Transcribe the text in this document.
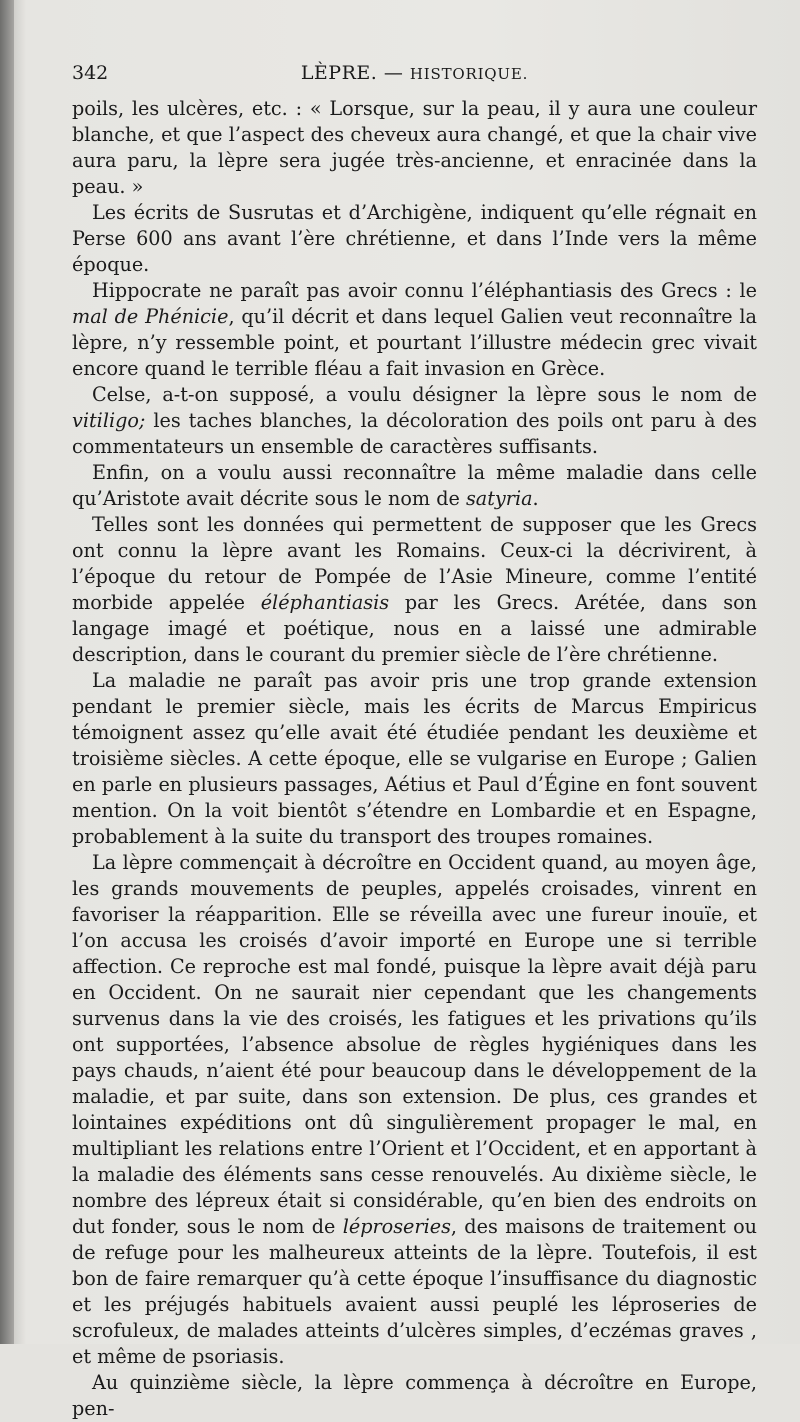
342	LÈPRE. — HISTORIQUE.

poils, les ulcères, etc. : « Lorsque, sur la peau, il y aura une couleur blanche, et que l’aspect des cheveux aura changé, et que la chair vive aura paru, la lèpre sera jugée très-ancienne, et enracinée dans la peau. »

Les écrits de Susrutas et d’Archigène, indiquent qu’elle régnait en Perse 600 ans avant l’ère chrétienne, et dans l’Inde vers la même époque.

Hippocrate ne paraît pas avoir connu l’éléphantiasis des Grecs : le mal de Phénicie, qu’il décrit et dans lequel Galien veut reconnaître la lèpre, n’y ressemble point, et pourtant l’illustre médecin grec vivait encore quand le terrible fléau a fait invasion en Grèce.

Celse, a-t-on supposé, a voulu désigner la lèpre sous le nom de vitiligo; les taches blanches, la décoloration des poils ont paru à des commentateurs un ensemble de caractères suffisants.

Enfin, on a voulu aussi reconnaître la même maladie dans celle qu’Aristote avait décrite sous le nom de satyria.

Telles sont les données qui permettent de supposer que les Grecs ont connu la lèpre avant les Romains. Ceux-ci la décrivirent, à l’époque du retour de Pompée de l’Asie Mineure, comme l’entité morbide appelée éléphantiasis par les Grecs. Arétée, dans son langage imagé et poétique, nous en a laissé une admirable description, dans le courant du premier siècle de l’ère chrétienne.

La maladie ne paraît pas avoir pris une trop grande extension pendant le premier siècle, mais les écrits de Marcus Empiricus témoignent assez qu’elle avait été étudiée pendant les deuxième et troisième siècles. A cette époque, elle se vulgarise en Europe ; Galien en parle en plusieurs passages, Aétius et Paul d’Égine en font souvent mention. On la voit bientôt s’étendre en Lombardie et en Espagne, probablement à la suite du transport des troupes romaines.

La lèpre commençait à décroître en Occident quand, au moyen âge, les grands mouvements de peuples, appelés croisades, vinrent en favoriser la réapparition. Elle se réveilla avec une fureur inouïe, et l’on accusa les croisés d’avoir importé en Europe une si terrible affection. Ce reproche est mal fondé, puisque la lèpre avait déjà paru en Occident. On ne saurait nier cependant que les changements survenus dans la vie des croisés, les fatigues et les privations qu’ils ont supportées, l’absence absolue de règles hygiéniques dans les pays chauds, n’aient été pour beaucoup dans le développement de la maladie, et par suite, dans son extension. De plus, ces grandes et lointaines expéditions ont dû singulièrement propager le mal, en multipliant les relations entre l’Orient et l’Occident, et en apportant à la maladie des éléments sans cesse renouvelés. Au dixième siècle, le nombre des lépreux était si considérable, qu’en bien des endroits on dut fonder, sous le nom de léproseries, des maisons de traitement ou de refuge pour les malheureux atteints de la lèpre. Toutefois, il est bon de faire remarquer qu’à cette époque l’insuffisance du diagnostic et les préjugés habituels avaient aussi peuplé les léproseries de scrofuleux, de malades atteints d’ulcères simples, d’eczémas graves , et même de psoriasis.

Au quinzième siècle, la lèpre commença à décroître en Europe, pen-
